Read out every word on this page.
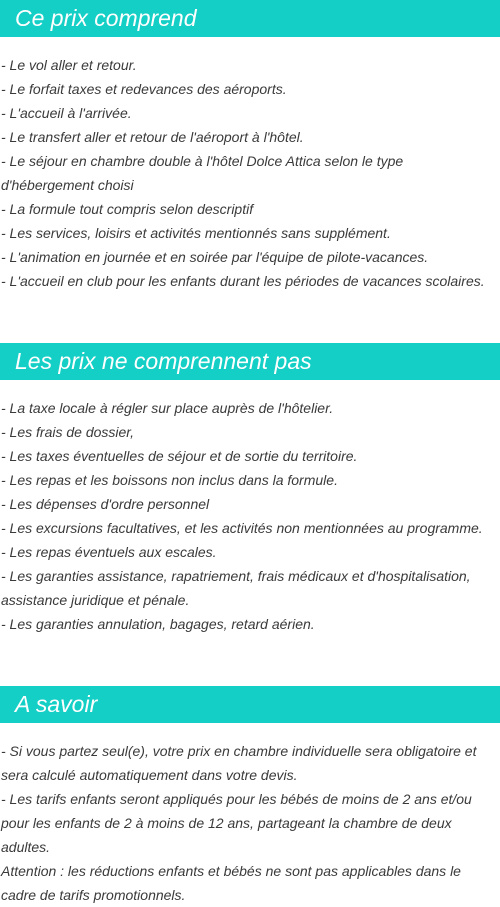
Ce prix comprend
- Le vol aller et retour.
- Le forfait taxes et redevances des aéroports.
- L'accueil à l'arrivée.
- Le transfert aller et retour de l'aéroport à l'hôtel.
- Le séjour en chambre double à l'hôtel Dolce Attica selon le type d'hébergement choisi
- La formule tout compris selon descriptif
- Les services, loisirs et activités mentionnés sans supplément.
- L'animation en journée et en soirée par l'équipe de pilote-vacances.
- L'accueil en club pour les enfants durant les périodes de vacances scolaires.
Les prix ne comprennent pas
- La taxe locale à régler sur place auprès de l'hôtelier.
- Les frais de dossier,
- Les taxes éventuelles de séjour et de sortie du territoire.
- Les repas et les boissons non inclus dans la formule.
- Les dépenses d'ordre personnel
- Les excursions facultatives, et les activités non mentionnées au programme.
- Les repas éventuels aux escales.
- Les garanties assistance, rapatriement, frais médicaux et d'hospitalisation, assistance juridique et pénale.
- Les garanties annulation, bagages, retard aérien.
A savoir
- Si vous partez seul(e), votre prix en chambre individuelle sera obligatoire et sera calculé automatiquement dans votre devis.
- Les tarifs enfants seront appliqués pour les bébés de moins de 2 ans et/ou pour les enfants de 2 à moins de 12 ans, partageant la chambre de deux adultes.
Attention : les réductions enfants et bébés ne sont pas applicables dans le cadre de tarifs promotionnels.
